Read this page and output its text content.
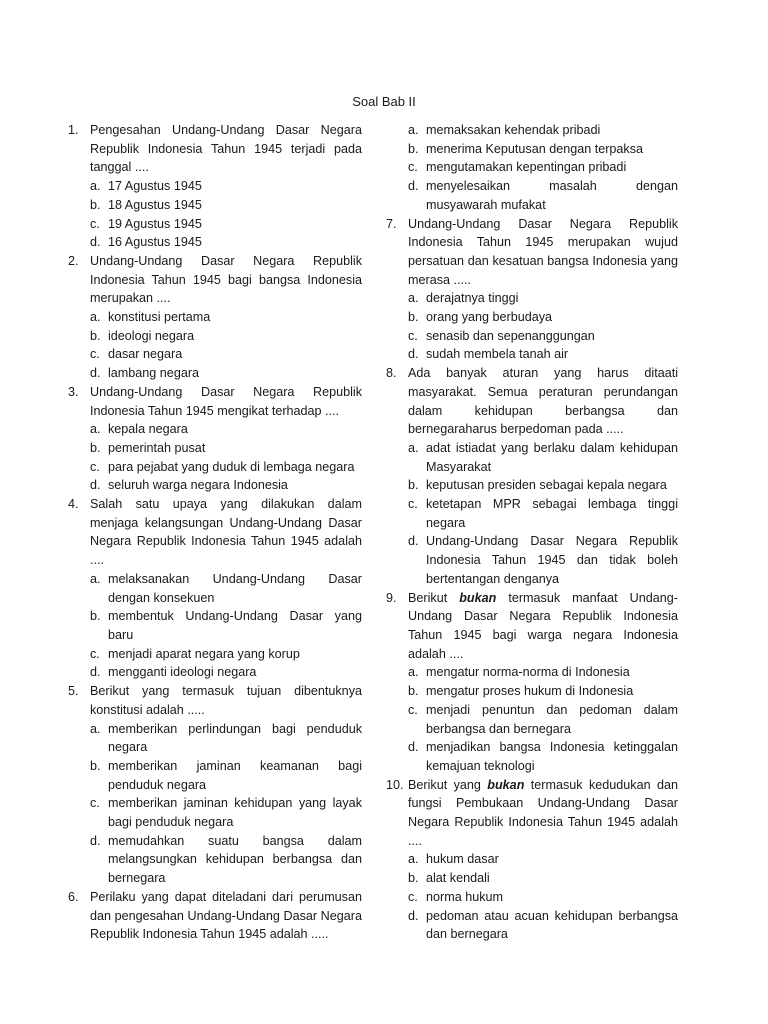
Soal Bab II
1. Pengesahan Undang-Undang Dasar Negara Republik Indonesia Tahun 1945 terjadi pada tanggal ....
a. 17 Agustus 1945
b. 18 Agustus 1945
c. 19 Agustus 1945
d. 16 Agustus 1945
2. Undang-Undang Dasar Negara Republik Indonesia Tahun 1945 bagi bangsa Indonesia merupakan ....
a. konstitusi pertama
b. ideologi negara
c. dasar negara
d. lambang negara
3. Undang-Undang Dasar Negara Republik Indonesia Tahun 1945 mengikat terhadap ....
a. kepala negara
b. pemerintah pusat
c. para pejabat yang duduk di lembaga negara
d. seluruh warga negara Indonesia
4. Salah satu upaya yang dilakukan dalam menjaga kelangsungan Undang-Undang Dasar Negara Republik Indonesia Tahun 1945 adalah ....
a. melaksanakan Undang-Undang Dasar dengan konsekuen
b. membentuk Undang-Undang Dasar yang baru
c. menjadi aparat negara yang korup
d. mengganti ideologi negara
5. Berikut yang termasuk tujuan dibentuknya konstitusi adalah .....
a. memberikan perlindungan bagi penduduk negara
b. memberikan jaminan keamanan bagi penduduk negara
c. memberikan jaminan kehidupan yang layak bagi penduduk negara
d. memudahkan suatu bangsa dalam melangsungkan kehidupan berbangsa dan bernegara
6. Perilaku yang dapat diteladani dari perumusan dan pengesahan Undang-Undang Dasar Negara Republik Indonesia Tahun 1945 adalah .....
a. memaksakan kehendak pribadi
b. menerima Keputusan dengan terpaksa
c. mengutamakan kepentingan pribadi
d. menyelesaikan masalah dengan musyawarah mufakat
7. Undang-Undang Dasar Negara Republik Indonesia Tahun 1945 merupakan wujud persatuan dan kesatuan bangsa Indonesia yang merasa .....
a. derajatnya tinggi
b. orang yang berbudaya
c. senasib dan sepenanggungan
d. sudah membela tanah air
8. Ada banyak aturan yang harus ditaati masyarakat. Semua peraturan perundangan dalam kehidupan berbangsa dan bernegaraharus berpedoman pada .....
a. adat istiadat yang berlaku dalam kehidupan Masyarakat
b. keputusan presiden sebagai kepala negara
c. ketetapan MPR sebagai lembaga tinggi negara
d. Undang-Undang Dasar Negara Republik Indonesia Tahun 1945 dan tidak boleh bertentangan denganya
9. Berikut bukan termasuk manfaat Undang-Undang Dasar Negara Republik Indonesia Tahun 1945 bagi warga negara Indonesia adalah ....
a. mengatur norma-norma di Indonesia
b. mengatur proses hukum di Indonesia
c. menjadi penuntun dan pedoman dalam berbangsa dan bernegara
d. menjadikan bangsa Indonesia ketinggalan kemajuan teknologi
10. Berikut yang bukan termasuk kedudukan dan fungsi Pembukaan Undang-Undang Dasar Negara Republik Indonesia Tahun 1945 adalah ....
a. hukum dasar
b. alat kendali
c. norma hukum
d. pedoman atau acuan kehidupan berbangsa dan bernegara
